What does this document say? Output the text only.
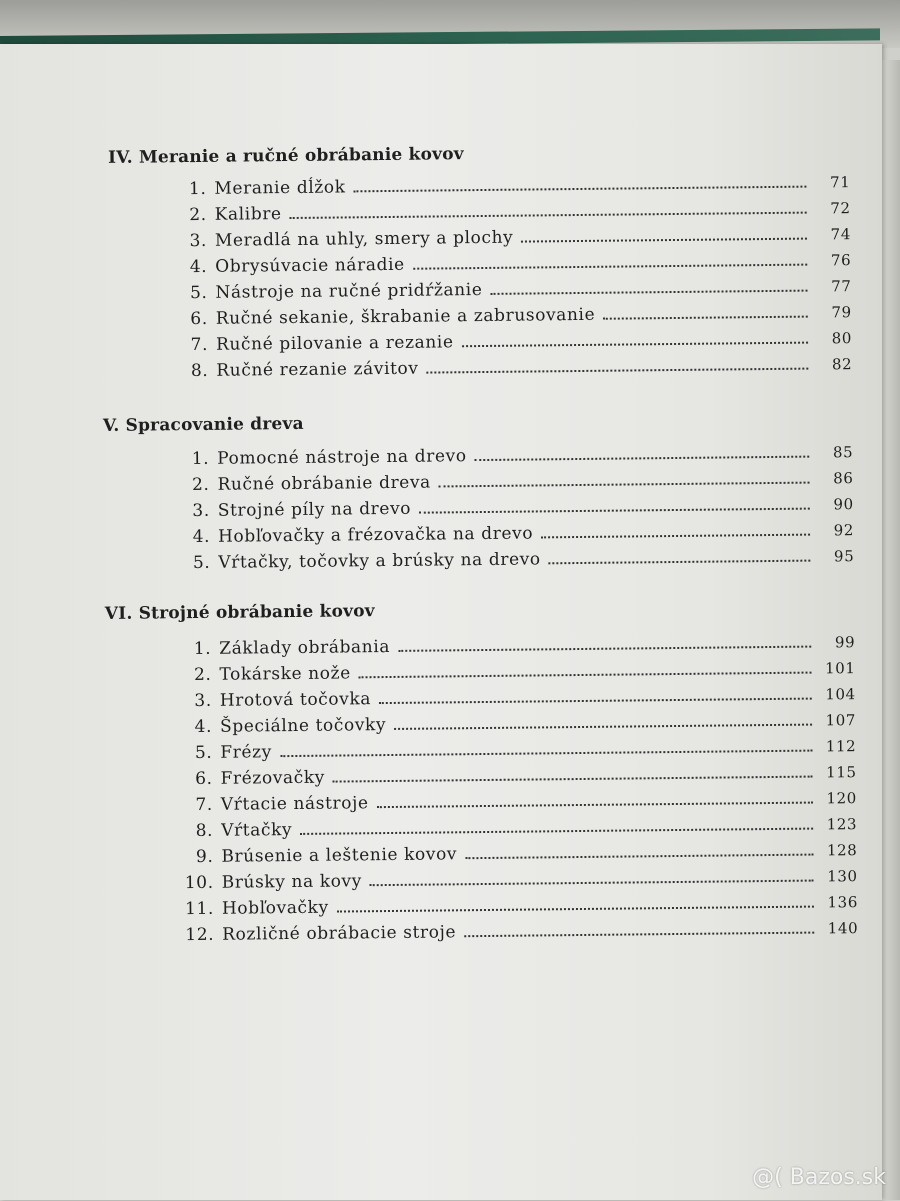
IV. Meranie a ručné obrábanie kovov
1. Meranie dĺžok	71
2. Kalibre	72
3. Meradlá na uhly, smery a plochy	74
4. Obrysúvacie náradie	76
5. Nástroje na ručné pridŕžanie	77
6. Ručné sekanie, škrabanie a zabrusovanie	79
7. Ručné pilovanie a rezanie	80
8. Ručné rezanie závitov	82
V. Spracovanie dreva
1. Pomocné nástroje na drevo	85
2. Ručné obrábanie dreva	86
3. Strojné píly na drevo	90
4. Hobľovačky a frézovačka na drevo	92
5. Vŕtačky, točovky a brúsky na drevo	95
VI. Strojné obrábanie kovov
1. Základy obrábania	99
2. Tokárske nože	101
3. Hrotová točovka	104
4. Špeciálne točovky	107
5. Frézy	112
6. Frézovačky	115
7. Vŕtacie nástroje	120
8. Vŕtačky	123
9. Brúsenie a leštenie kovov	128
10. Brúsky na kovy	130
11. Hobľovačky	136
12. Rozličné obrábacie stroje	140
@( Bazos.sk
